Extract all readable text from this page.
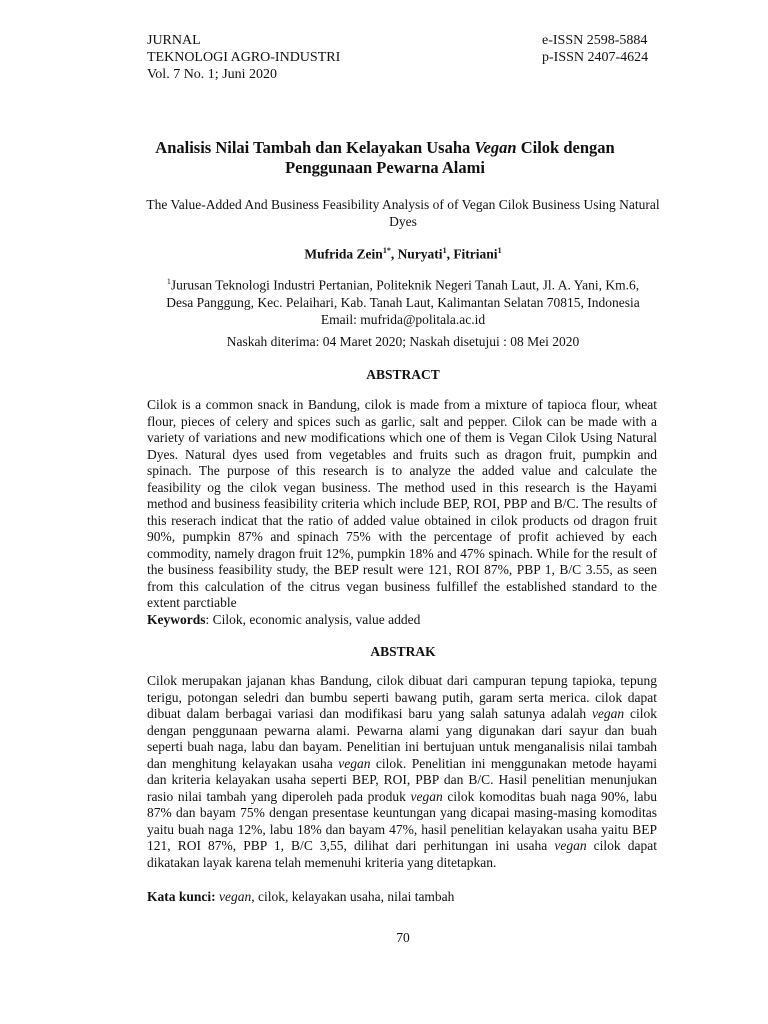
JURNAL
TEKNOLOGI AGRO-INDUSTRI
Vol. 7 No. 1; Juni 2020
e-ISSN 2598-5884
p-ISSN 2407-4624
Analisis Nilai Tambah dan Kelayakan Usaha Vegan Cilok dengan Penggunaan Pewarna Alami
The Value-Added And Business Feasibility Analysis of of Vegan Cilok Business Using Natural Dyes
Mufrida Zein$^{1*}$, Nuryati$^1$, Fitriani$^1$
$^1$Jurusan Teknologi Industri Pertanian, Politeknik Negeri Tanah Laut, Jl. A. Yani, Km.6,
Desa Panggung, Kec. Pelaihari, Kab. Tanah Laut, Kalimantan Selatan 70815, Indonesia
Email: mufrida@politala.ac.id
Naskah diterima: 04 Maret 2020; Naskah disetujui : 08 Mei 2020
ABSTRACT
Cilok is a common snack in Bandung, cilok is made from a mixture of tapioca flour, wheat flour, pieces of celery and spices such as garlic, salt and pepper. Cilok can be made with a variety of variations and new modifications which one of them is Vegan Cilok Using Natural Dyes. Natural dyes used from vegetables and fruits such as dragon fruit, pumpkin and spinach. The purpose of this research is to analyze the added value and calculate the feasibility og the cilok vegan business. The method used in this research is the Hayami method and business feasibility criteria which include BEP, ROI, PBP and B/C. The results of this reserach indicat that the ratio of added value obtained in cilok products od dragon fruit 90%, pumpkin 87% and spinach 75% with the percentage of profit achieved by each commodity, namely dragon fruit 12%, pumpkin 18% and 47% spinach. While for the result of the business feasibility study, the BEP result were 121, ROI 87%, PBP 1, B/C 3.55, as seen from this calculation of the citrus vegan business fulfillef the established standard to the extent parctiable
Keywords: Cilok, economic analysis, value added
ABSTRAK
Cilok merupakan jajanan khas Bandung, cilok dibuat dari campuran tepung tapioka, tepung terigu, potongan seledri dan bumbu seperti bawang putih, garam serta merica. cilok dapat dibuat dalam berbagai variasi dan modifikasi baru yang salah satunya adalah vegan cilok dengan penggunaan pewarna alami. Pewarna alami yang digunakan dari sayur dan buah seperti buah naga, labu dan bayam. Penelitian ini bertujuan untuk menganalisis nilai tambah dan menghitung kelayakan usaha vegan cilok. Penelitian ini menggunakan metode hayami dan kriteria kelayakan usaha seperti BEP, ROI, PBP dan B/C. Hasil penelitian menunjukan rasio nilai tambah yang diperoleh pada produk vegan cilok komoditas buah naga 90%, labu 87% dan bayam 75% dengan presentase keuntungan yang dicapai masing-masing komoditas yaitu buah naga 12%, labu 18% dan bayam 47%, hasil penelitian kelayakan usaha yaitu BEP 121, ROI 87%, PBP 1, B/C 3,55, dilihat dari perhitungan ini usaha vegan cilok dapat dikatakan layak karena telah memenuhi kriteria yang ditetapkan.
Kata kunci: vegan, cilok, kelayakan usaha, nilai tambah
70
